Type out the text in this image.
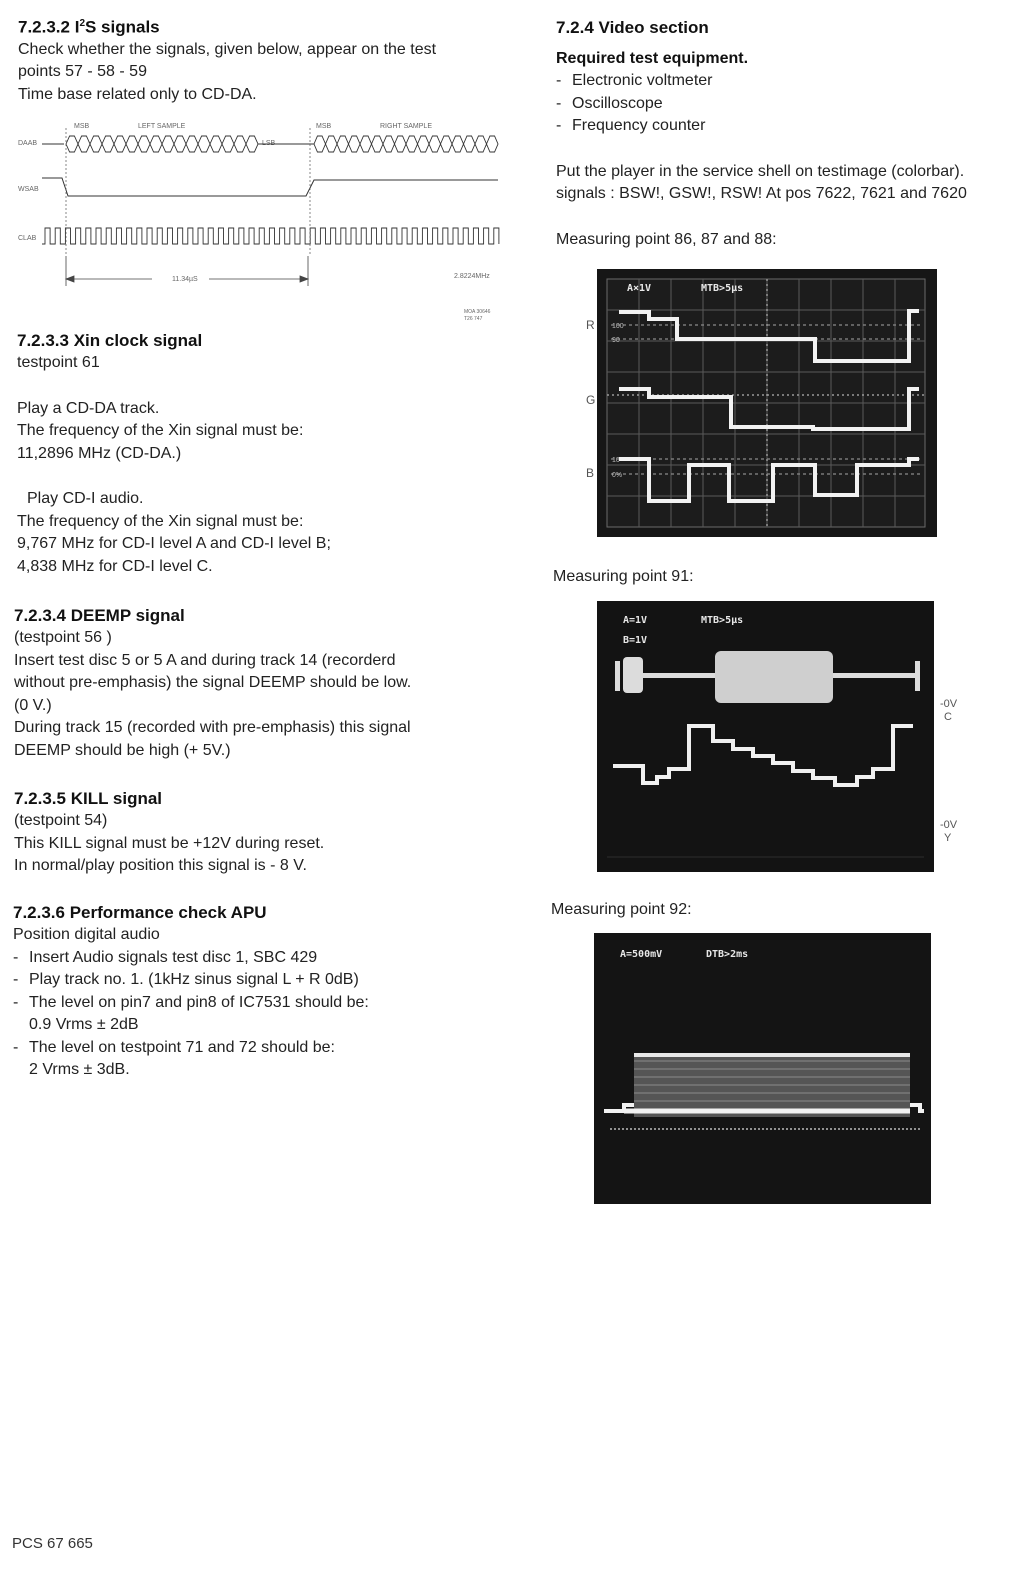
7.2.3.2 $I^2S$ signals

Check whether the signals, given below, appear on the test

points 57 - 58 - 59

Time base related only to CD-DA.

MSB	LEFT SAMPLE	MSB	RIGHT SAMPLE
DAAB
WSAB
CLAB
LSB
11.34µS	2.8224MHz
MOA 30646
T26 747

7.2.3.3 Xin clock signal

testpoint 61

Play a CD-DA track.

The frequency of the Xin signal must be:

11,2896 MHz (CD-DA.)

Play CD-I audio.

The frequency of the Xin signal must be:

9,767 MHz for CD-I level A and CD-I level B;

4,838 MHz for CD-I level C.

7.2.3.4 DEEMP signal

(testpoint 56 )

Insert test disc 5 or 5 A and during track 14 (recorderd

without pre-emphasis) the signal DEEMP should be low.

(0 V.)

During track 15 (recorded with pre-emphasis) this signal

DEEMP should be high (+ 5V.)

7.2.3.5 KILL signal

(testpoint 54)

This KILL signal must be +12V during reset.

In normal/play position this signal is - 8 V.

7.2.3.6 Performance check APU

Position digital audio

- Insert Audio signals test disc 1, SBC 429
- Play track no. 1. (1kHz sinus signal L + R 0dB)
- The level on pin7 and pin8 of IC7531 should be:
0.9 Vrms ± 2dB
- The level on testpoint 71 and 72 should be:
2 Vrms ± 3dB.
PCS 67 665

7.2.4 Video section

Required test equipment.

- Electronic voltmeter
- Oscilloscope
- Frequency counter

Put the player in the service shell on testimage (colorbar).

signals : BSW!, GSW!, RSW! At pos 7622, 7621 and 7620

Measuring point 86, 87 and 88:

R
G
B
A×1V	MTB>5µs
100
90
10
0%
Measuring point 91:
A=1V	MTB>5µs
B=1V
-0V
C
-0V
Y
Measuring point 92:
A=500mV	DTB>2ms
